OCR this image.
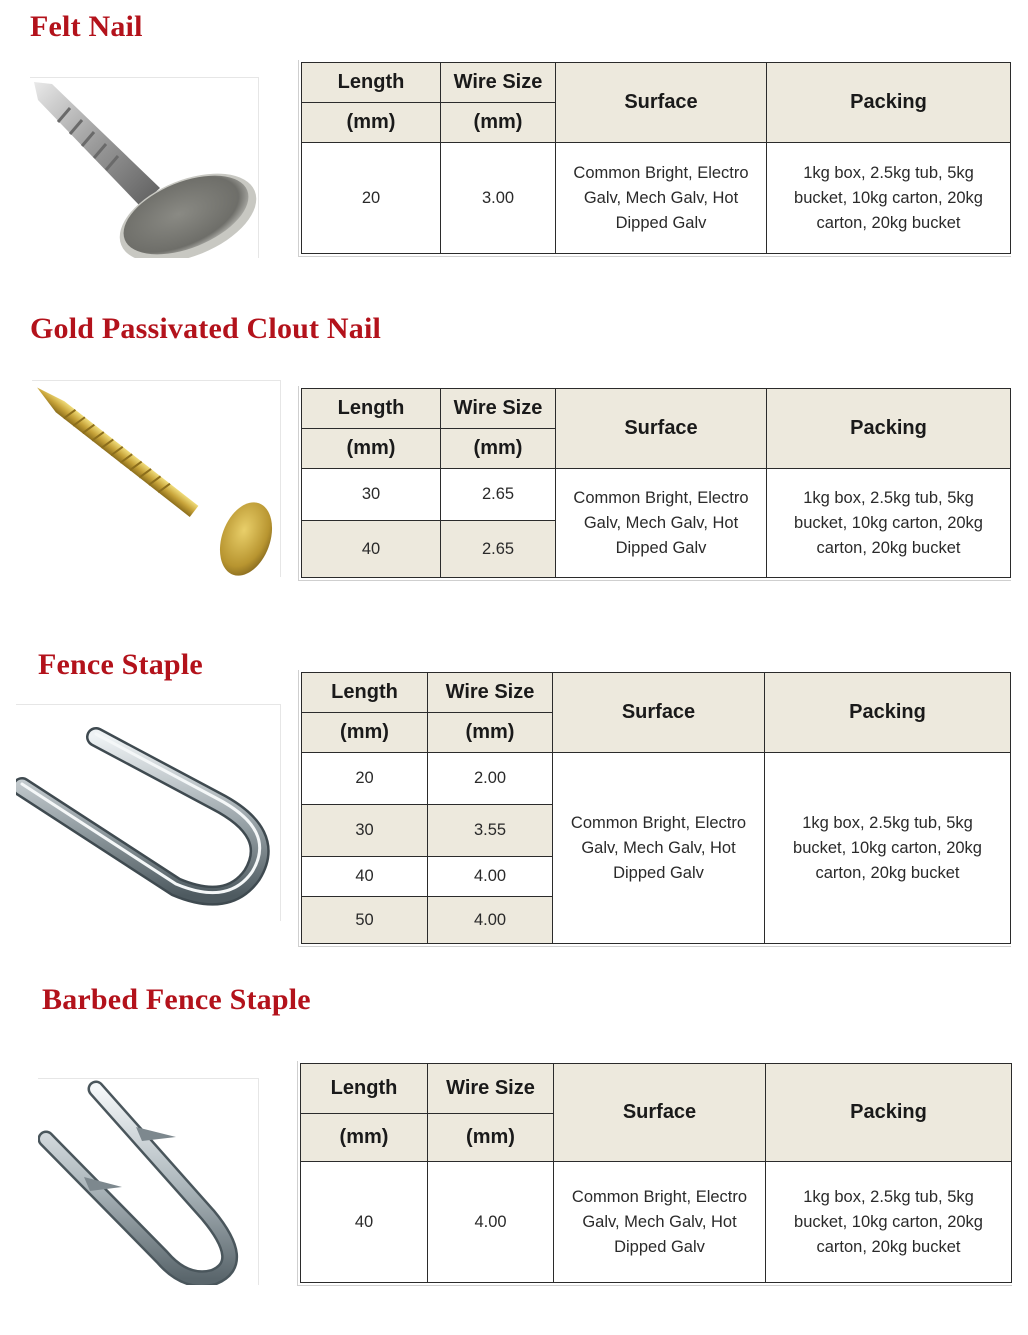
Felt Nail
Length	Wire Size	Surface	Packing
(mm)	(mm)		
20	3.00	Common Bright, Electro Galv, Mech Galv, Hot Dipped Galv	1kg box, 2.5kg tub, 5kg bucket, 10kg carton, 20kg carton, 20kg bucket
Gold Passivated Clout Nail
Length	Wire Size	Surface	Packing
(mm)	(mm)		
30	2.65	Common Bright, Electro Galv, Mech Galv, Hot Dipped Galv	1kg box, 2.5kg tub, 5kg bucket, 10kg carton, 20kg carton, 20kg bucket
40	2.65		
Fence Staple
Length	Wire Size	Surface	Packing
(mm)	(mm)		
20	2.00	Common Bright, Electro Galv, Mech Galv, Hot Dipped Galv	1kg box, 2.5kg tub, 5kg bucket, 10kg carton, 20kg carton, 20kg bucket
30	3.55		
40	4.00		
50	4.00		
Barbed Fence Staple
Length	Wire Size	Surface	Packing
(mm)	(mm)		
40	4.00	Common Bright, Electro Galv, Mech Galv, Hot Dipped Galv	1kg box, 2.5kg tub, 5kg bucket, 10kg carton, 20kg carton, 20kg bucket
